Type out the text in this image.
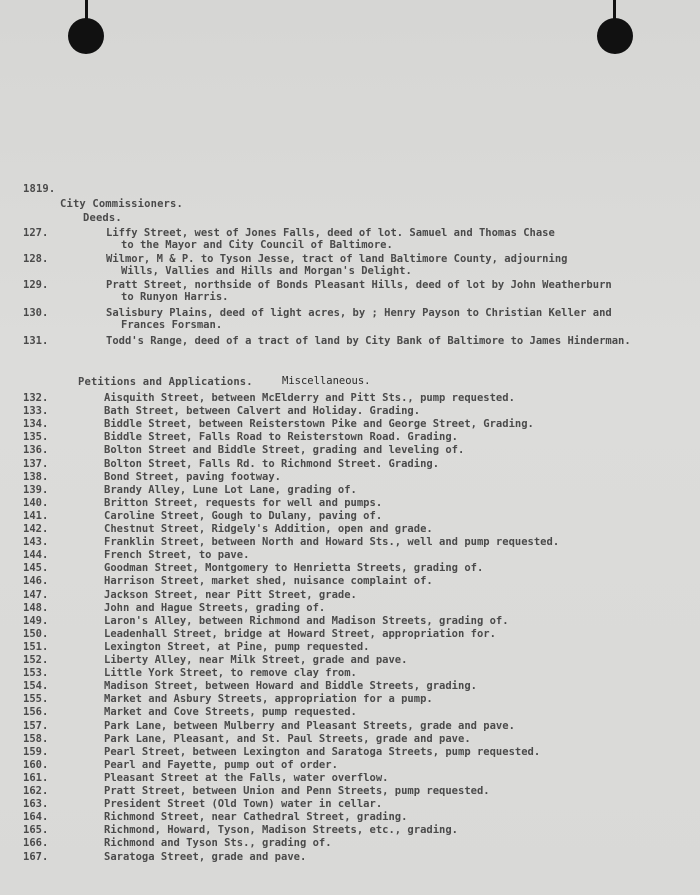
1819.
City Commissioners.
Deeds.
127.	Liffy Street, west of Jones Falls, deed of lot. Samuel and Thomas Chase
to the Mayor and City Council of Baltimore.
128.	Wilmor, M & P. to Tyson Jesse, tract of land Baltimore County, adjourning
Wills, Vallies and Hills and Morgan's Delight.
129.	Pratt Street, northside of Bonds Pleasant Hills, deed of lot by John Weatherburn
to Runyon Harris.
130.	Salisbury Plains, deed of light acres, by ; Henry Payson to Christian Keller and
Frances Forsman.
131.	Todd's Range, deed of a tract of land by City Bank of Baltimore to James Hinderman.
Petitions and Applications.	Miscellaneous.
132.	Aisquith Street, between McElderry and Pitt Sts., pump requested.
133.	Bath Street, between Calvert and Holiday. Grading.
134.	Biddle Street, between Reisterstown Pike and George Street, Grading.
135.	Biddle Street, Falls Road to Reisterstown Road. Grading.
136.	Bolton Street and Biddle Street, grading and leveling of.
137.	Bolton Street, Falls Rd. to Richmond Street. Grading.
138.	Bond Street, paving footway.
139.	Brandy Alley, Lune Lot Lane, grading of.
140.	Britton Street, requests for well and pumps.
141.	Caroline Street, Gough to Dulany, paving of.
142.	Chestnut Street, Ridgely's Addition, open and grade.
143.	Franklin Street, between North and Howard Sts., well and pump requested.
144.	French Street, to pave.
145.	Goodman Street, Montgomery to Henrietta Streets, grading of.
146.	Harrison Street, market shed, nuisance complaint of.
147.	Jackson Street, near Pitt Street, grade.
148.	John and Hague Streets, grading of.
149.	Laron's Alley, between Richmond and Madison Streets, grading of.
150.	Leadenhall Street, bridge at Howard Street, appropriation for.
151.	Lexington Street, at Pine, pump requested.
152.	Liberty Alley, near Milk Street, grade and pave.
153.	Little York Street, to remove clay from.
154.	Madison Street, between Howard and Biddle Streets, grading.
155.	Market and Asbury Streets, appropriation for a pump.
156.	Market and Cove Streets, pump requested.
157.	Park Lane, between Mulberry and Pleasant Streets, grade and pave.
158.	Park Lane, Pleasant, and St. Paul Streets, grade and pave.
159.	Pearl Street, between Lexington and Saratoga Streets, pump requested.
160.	Pearl and Fayette, pump out of order.
161.	Pleasant Street at the Falls, water overflow.
162.	Pratt Street, between Union and Penn Streets, pump requested.
163.	President Street (Old Town) water in cellar.
164.	Richmond Street, near Cathedral Street, grading.
165.	Richmond, Howard, Tyson, Madison Streets, etc., grading.
166.	Richmond and Tyson Sts., grading of.
167.	Saratoga Street, grade and pave.
